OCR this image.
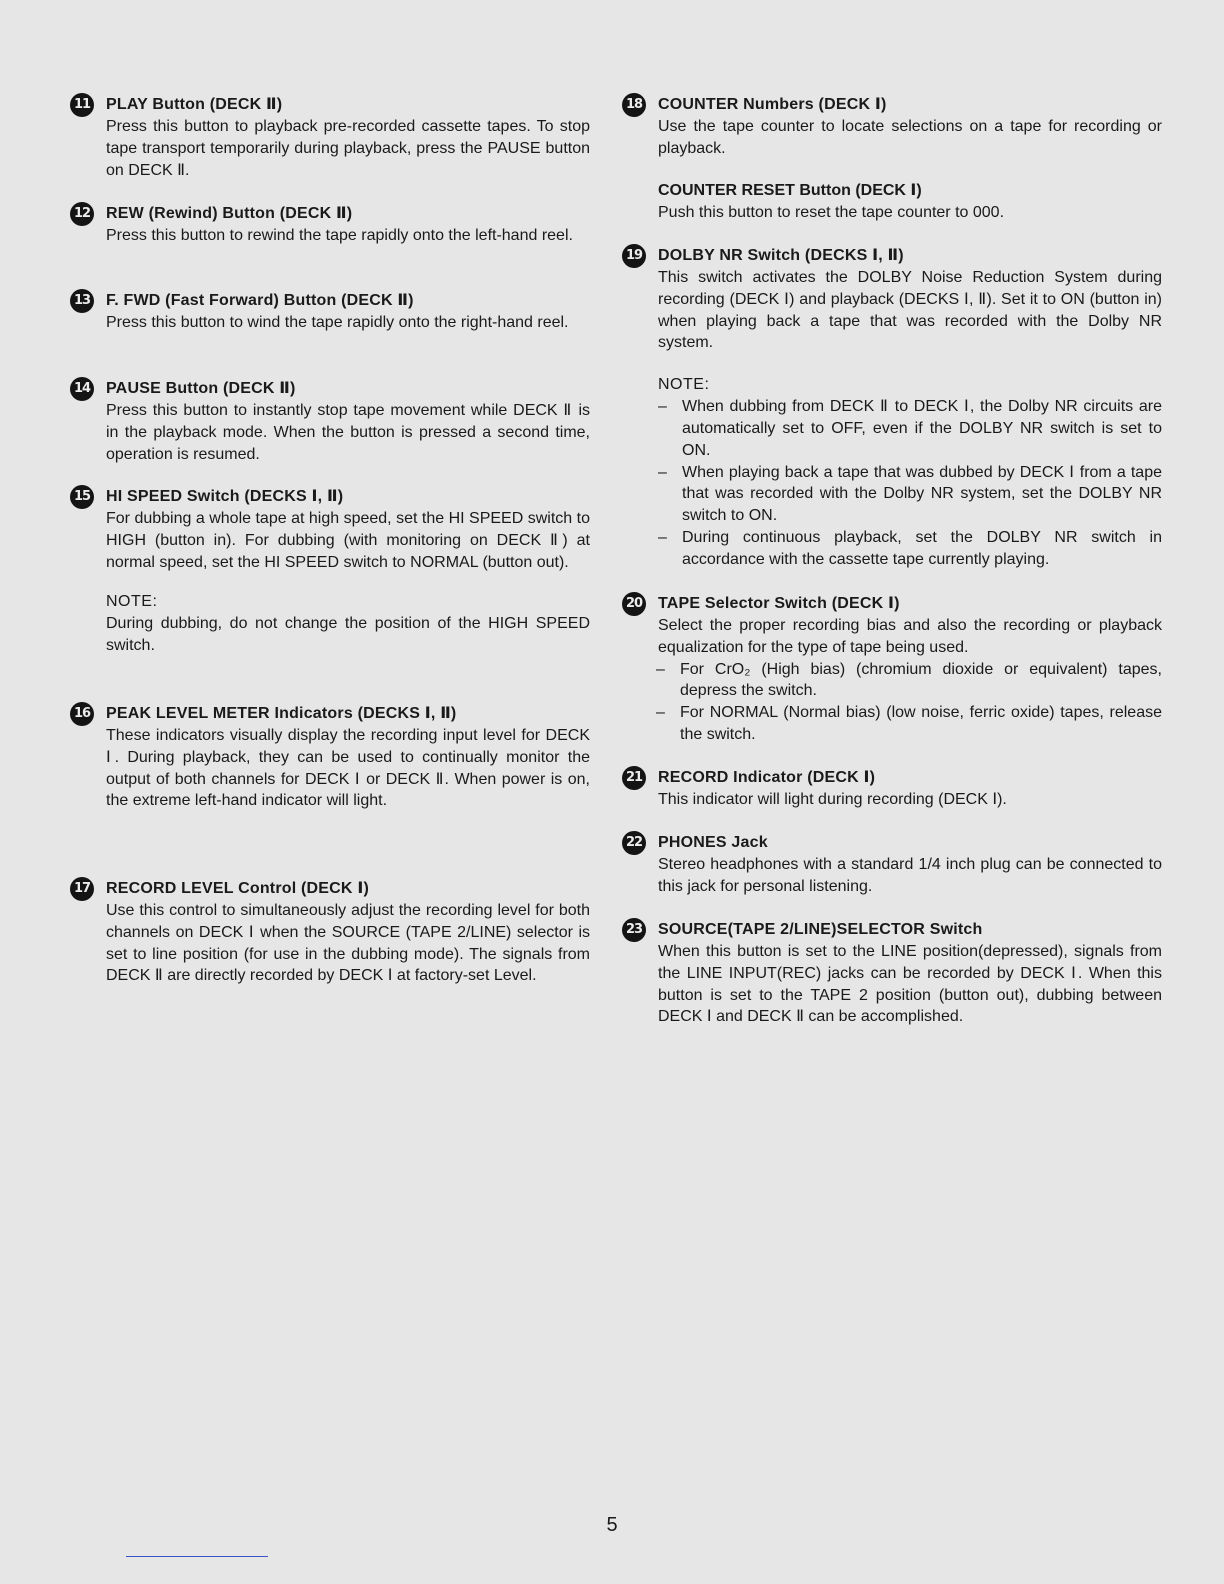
11 PLAY Button (DECK Ⅱ)
Press this button to playback pre-recorded cassette tapes. To stop tape transport temporarily during playback, press the PAUSE button on DECK Ⅱ.
12 REW (Rewind) Button (DECK Ⅱ)
Press this button to rewind the tape rapidly onto the left-hand reel.
13 F. FWD (Fast Forward) Button (DECK Ⅱ)
Press this button to wind the tape rapidly onto the right-hand reel.
14 PAUSE Button (DECK Ⅱ)
Press this button to instantly stop tape movement while DECK Ⅱ is in the playback mode. When the button is pressed a second time, operation is resumed.
15 HI SPEED Switch (DECKS Ⅰ, Ⅱ)
For dubbing a whole tape at high speed, set the HI SPEED switch to HIGH (button in). For dubbing (with monitoring on DECK Ⅱ) at normal speed, set the HI SPEED switch to NORMAL (button out).
NOTE:
During dubbing, do not change the position of the HIGH SPEED switch.
16 PEAK LEVEL METER Indicators (DECKS Ⅰ, Ⅱ)
These indicators visually display the recording input level for DECK Ⅰ. During playback, they can be used to continually monitor the output of both channels for DECK Ⅰ or DECK Ⅱ. When power is on, the extreme left-hand indicator will light.
17 RECORD LEVEL Control (DECK Ⅰ)
Use this control to simultaneously adjust the recording level for both channels on DECK Ⅰ when the SOURCE (TAPE 2/LINE) selector is set to line position (for use in the dubbing mode). The signals from DECK Ⅱ are directly recorded by DECK Ⅰ at factory-set Level.
18 COUNTER Numbers (DECK Ⅰ)
Use the tape counter to locate selections on a tape for recording or playback.
COUNTER RESET Button (DECK Ⅰ)
Push this button to reset the tape counter to 000.
19 DOLBY NR Switch (DECKS Ⅰ, Ⅱ)
This switch activates the DOLBY Noise Reduction System during recording (DECK Ⅰ) and playback (DECKS Ⅰ, Ⅱ). Set it to ON (button in) when playing back a tape that was recorded with the Dolby NR system.
NOTE:
– When dubbing from DECK Ⅱ to DECK Ⅰ, the Dolby NR circuits are automatically set to OFF, even if the DOLBY NR switch is set to ON.
– When playing back a tape that was dubbed by DECK Ⅰ from a tape that was recorded with the Dolby NR system, set the DOLBY NR switch to ON.
– During continuous playback, set the DOLBY NR switch in accordance with the cassette tape currently playing.
20 TAPE Selector Switch (DECK Ⅰ)
Select the proper recording bias and also the recording or playback equalization for the type of tape being used.
– For CrO₂ (High bias) (chromium dioxide or equivalent) tapes, depress the switch.
– For NORMAL (Normal bias) (low noise, ferric oxide) tapes, release the switch.
21 RECORD Indicator (DECK Ⅰ)
This indicator will light during recording (DECK Ⅰ).
22 PHONES Jack
Stereo headphones with a standard 1/4 inch plug can be connected to this jack for personal listening.
23 SOURCE(TAPE 2/LINE)SELECTOR Switch
When this button is set to the LINE position(depressed), signals from the LINE INPUT(REC) jacks can be recorded by DECK Ⅰ. When this button is set to the TAPE 2 position (button out), dubbing between DECK Ⅰ and DECK Ⅱ can be accomplished.
5
